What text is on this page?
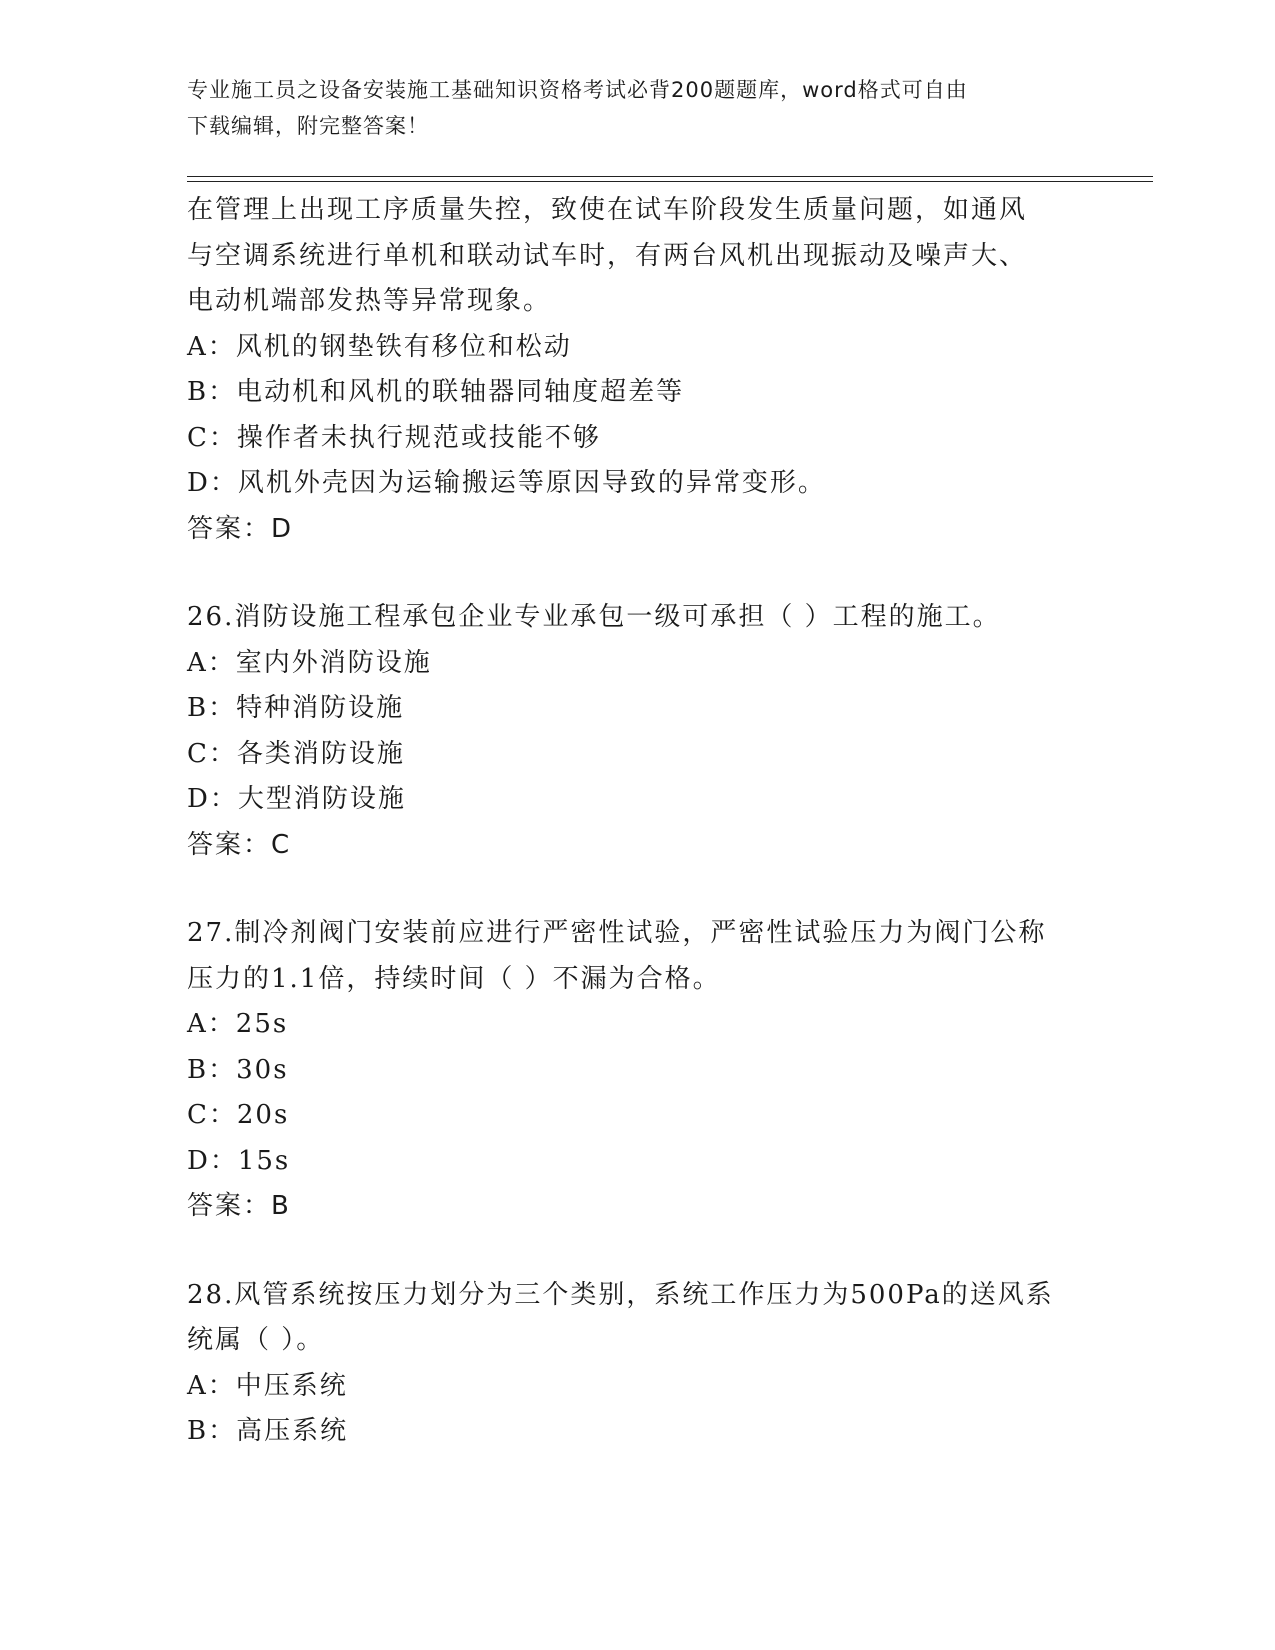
专业施工员之设备安装施工基础知识资格考试必背200题题库，word格式可自由
下载编辑，附完整答案！
在管理上出现工序质量失控，致使在试车阶段发生质量问题，如通风
与空调系统进行单机和联动试车时，有两台风机出现振动及噪声大、
电动机端部发热等异常现象。
A：风机的钢垫铁有移位和松动
B：电动机和风机的联轴器同轴度超差等
C：操作者未执行规范或技能不够
D：风机外壳因为运输搬运等原因导致的异常变形。
答案：D
26.消防设施工程承包企业专业承包一级可承担（ ）工程的施工。
A：室内外消防设施
B：特种消防设施
C：各类消防设施
D：大型消防设施
答案：C
27.制冷剂阀门安装前应进行严密性试验，严密性试验压力为阀门公称
压力的1.1倍，持续时间（ ）不漏为合格。
A：25s
B：30s
C：20s
D：15s
答案：B
28.风管系统按压力划分为三个类别，系统工作压力为500Pa的送风系
统属（ ）。
A：中压系统
B：高压系统
